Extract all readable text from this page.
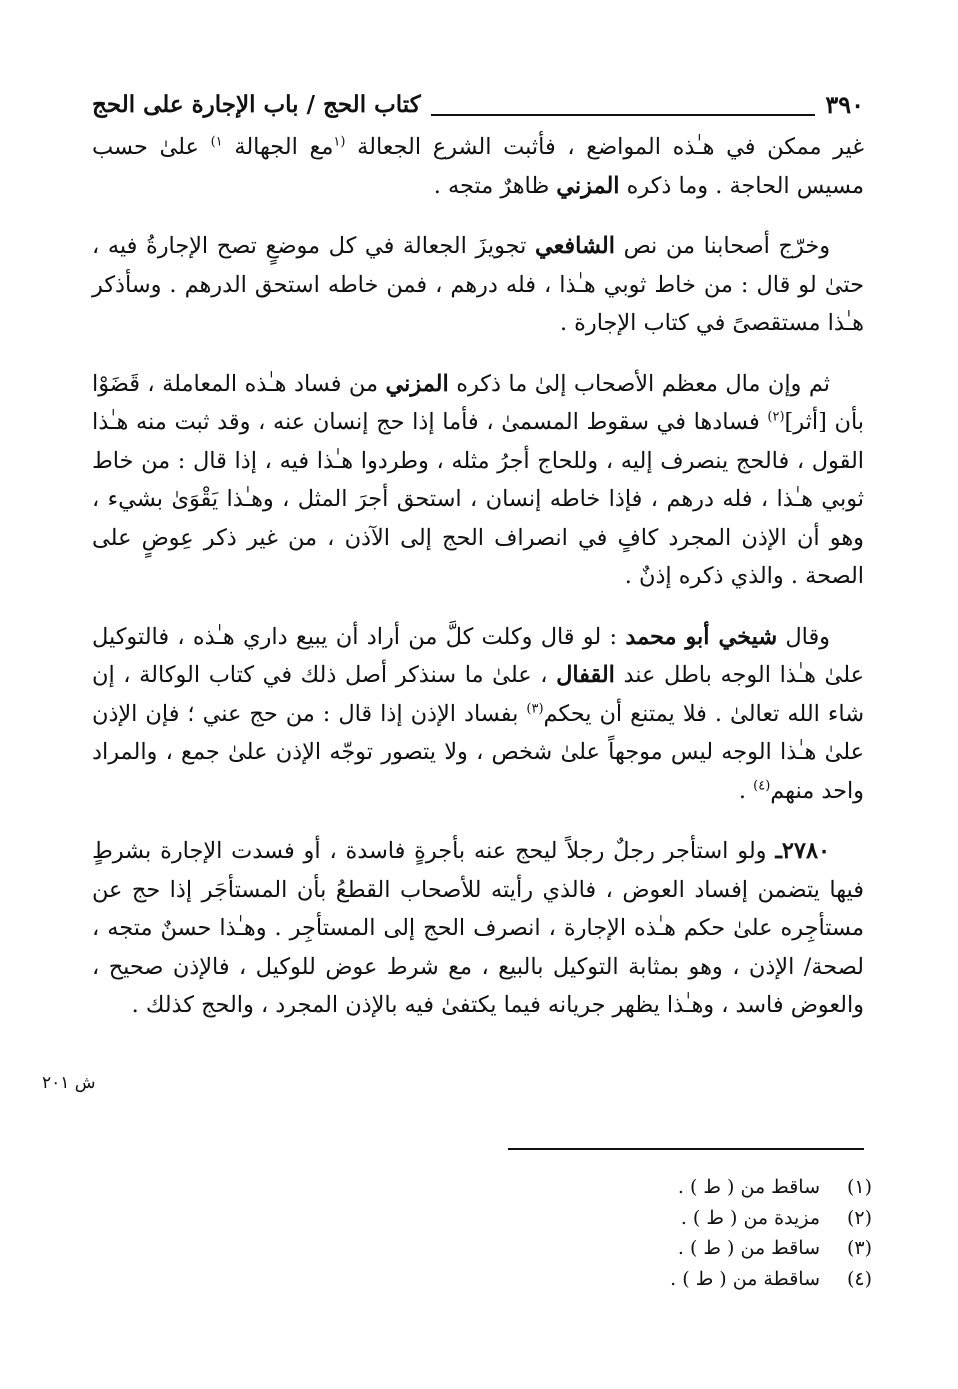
٣٩٠
كتاب الحج / باب الإجارة على الحج
غير ممكن في هـٰذه المواضع ، فأثبت الشرع الجعالة $^{(١}$مع الجهالة $^{١)}$ علىٰ حسب مسيس الحاجة . وما ذكره المزني ظاهرٌ متجه .
وخرّج أصحابنا من نص الشافعي تجويزَ الجعالة في كل موضعٍ تصح الإجارةُ فيه ، حتىٰ لو قال : من خاط ثوبي هـٰذا ، فله درهم ، فمن خاطه استحق الدرهم . وسأذكر هـٰذا مستقصىً في كتاب الإجارة .
ثم وإن مال معظم الأصحاب إلىٰ ما ذكره المزني من فساد هـٰذه المعاملة ، قَضَوْا بأن [أثر]$^{(٢)}$ فسادها في سقوط المسمىٰ ، فأما إذا حج إنسان عنه ، وقد ثبت منه هـٰذا القول ، فالحج ينصرف إليه ، وللحاج أجرُ مثله ، وطردوا هـٰذا فيه ، إذا قال : من خاط ثوبي هـٰذا ، فله درهم ، فإذا خاطه إنسان ، استحق أجرَ المثل ، وهـٰذا يَقْوَىٰ بشيء ، وهو أن الإذن المجرد كافٍ في انصراف الحج إلى الآذن ، من غير ذكر عِوضٍ على الصحة . والذي ذكره إذنٌ .
وقال شيخي أبو محمد : لو قال وكلت كلَّ من أراد أن يبيع داري هـٰذه ، فالتوكيل علىٰ هـٰذا الوجه باطل عند القفال ، علىٰ ما سنذكر أصل ذلك في كتاب الوكالة ، إن شاء الله تعالىٰ . فلا يمتنع أن يحكم$^{(٣)}$ بفساد الإذن إذا قال : من حج عني ؛ فإن الإذن علىٰ هـٰذا الوجه ليس موجهاً علىٰ شخص ، ولا يتصور توجّه الإذن علىٰ جمع ، والمراد واحد منهم$^{(٤)}$ .
٢٧٨٠ـ ولو استأجر رجلٌ رجلاً ليحج عنه بأجرةٍ فاسدة ، أو فسدت الإجارة بشرطٍ فيها يتضمن إفساد العوض ، فالذي رأيته للأصحاب القطعُ بأن المستأجَر إذا حج عن مستأجِره علىٰ حكم هـٰذه الإجارة ، انصرف الحج إلى المستأجِر . وهـٰذا حسنٌ متجه ، لصحة/ الإذن ، وهو بمثابة التوكيل بالبيع ، مع شرط عوض للوكيل ، فالإذن صحيح ، والعوض فاسد ، وهـٰذا يظهر جريانه فيما يكتفىٰ فيه بالإذن المجرد ، والحج كذلك .
ش ٢٠١
(١)
ساقط من ( ط ) .
(٢)
مزيدة من ( ط ) .
(٣)
ساقط من ( ط ) .
(٤)
ساقطة من ( ط ) .
